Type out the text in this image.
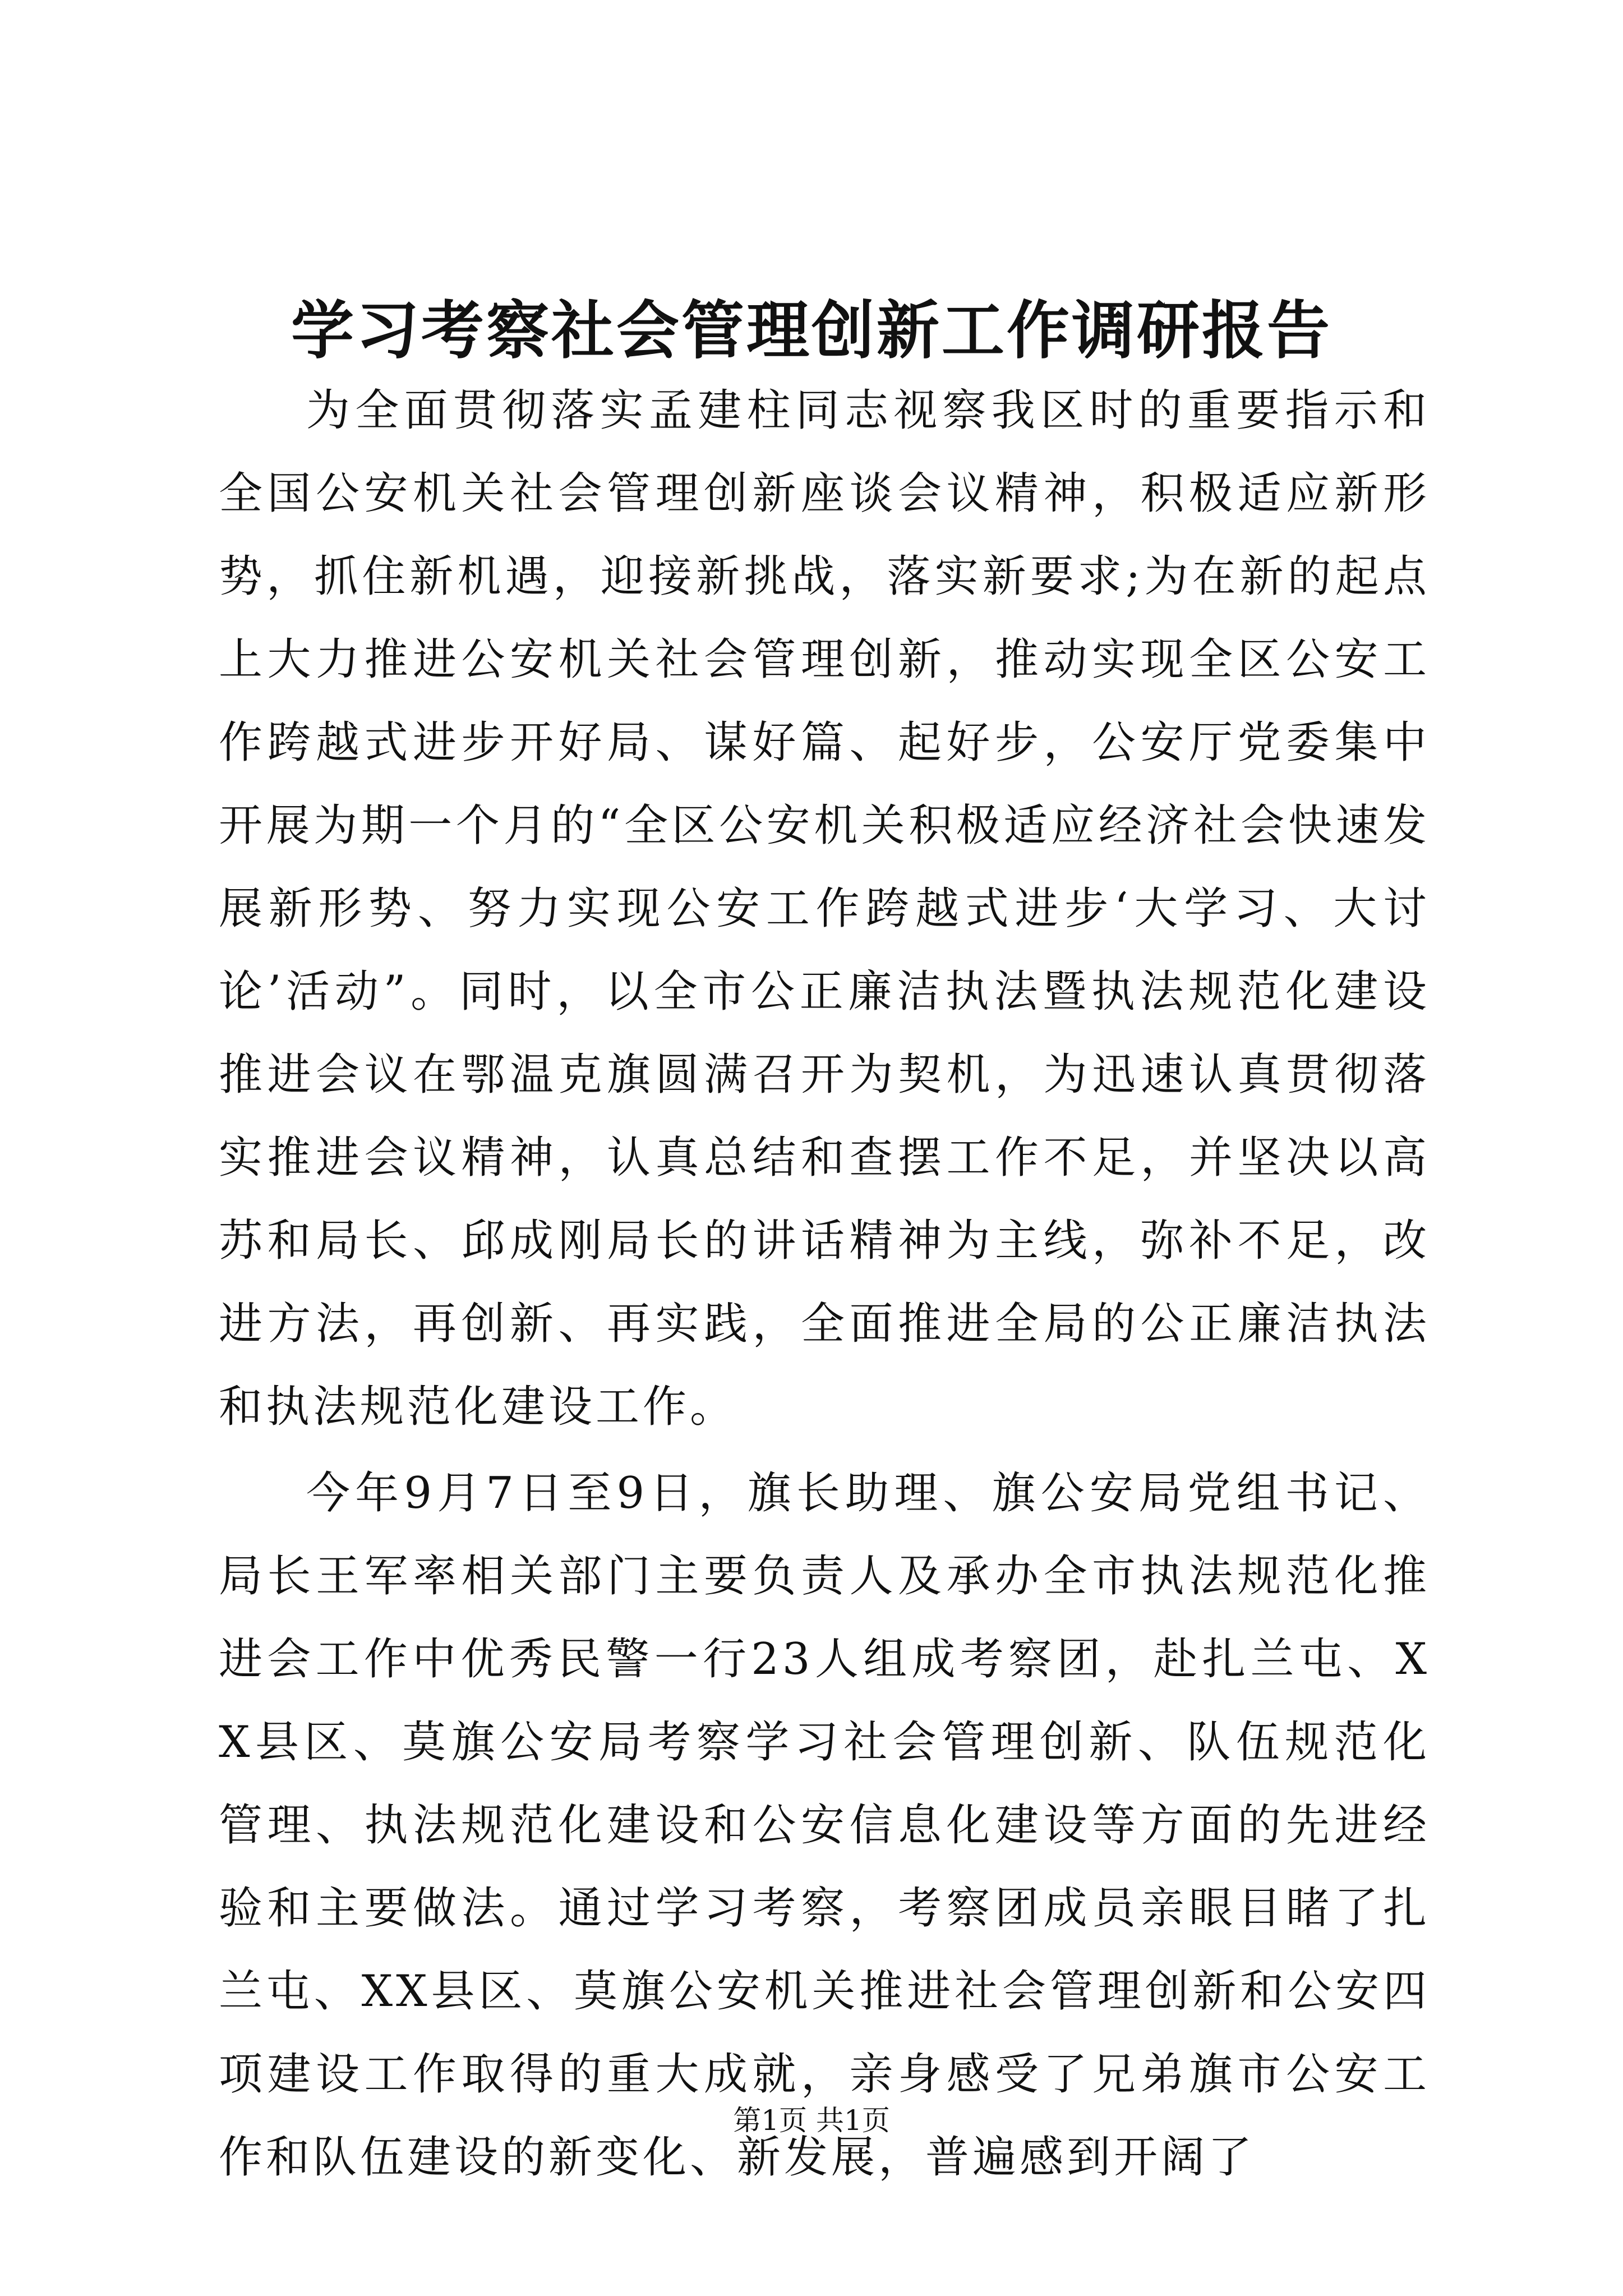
学习考察社会管理创新工作调研报告

为全面贯彻落实孟建柱同志视察我区时的重要指示和全国公安机关社会管理创新座谈会议精神，积极适应新形势，抓住新机遇，迎接新挑战，落实新要求;为在新的起点上大力推进公安机关社会管理创新，推动实现全区公安工作跨越式进步开好局、谋好篇、起好步，公安厅党委集中开展为期一个月的“全区公安机关积极适应经济社会快速发展新形势、努力实现公安工作跨越式进步‘大学习、大讨论’活动”。同时，以全市公正廉洁执法暨执法规范化建设推进会议在鄂温克旗圆满召开为契机，为迅速认真贯彻落实推进会议精神，认真总结和查摆工作不足，并坚决以高苏和局长、邱成刚局长的讲话精神为主线，弥补不足，改进方法，再创新、再实践，全面推进全局的公正廉洁执法和执法规范化建设工作。

今年9月7日至9日，旗长助理、旗公安局党组书记、局长王军率相关部门主要负责人及承办全市执法规范化推进会工作中优秀民警一行23人组成考察团，赴扎兰屯、XX县区、莫旗公安局考察学习社会管理创新、队伍规范化管理、执法规范化建设和公安信息化建设等方面的先进经验和主要做法。通过学习考察，考察团成员亲眼目睹了扎兰屯、XX县区、莫旗公安机关推进社会管理创新和公安四项建设工作取得的重大成就，亲身感受了兄弟旗市公安工作和队伍建设的新变化、新发展，普遍感到开阔了

第1页 共1页
